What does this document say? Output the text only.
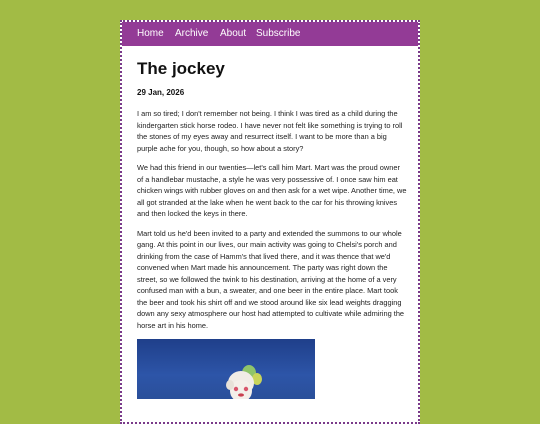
Home Archive About Subscribe
The jockey
29 Jan, 2026

I am so tired; I don't remember not being. I think I was tired as a child during the kindergarten stick horse rodeo. I have never not felt like something is trying to roll the stones of my eyes away and resurrect itself. I want to be more than a big purple ache for you, though, so how about a story?

We had this friend in our twenties—let's call him Mart. Mart was the proud owner of a handlebar mustache, a style he was very possessive of. I once saw him eat chicken wings with rubber gloves on and then ask for a wet wipe. Another time, we all got stranded at the lake when he went back to the car for his throwing knives and then locked the keys in there.

Mart told us he'd been invited to a party and extended the summons to our whole gang. At this point in our lives, our main activity was going to Chelsi's porch and drinking from the case of Hamm's that lived there, and it was thence that we'd convened when Mart made his announcement. The party was right down the street, so we followed the twink to his destination, arriving at the home of a very confused man with a bun, a sweater, and one beer in the entire place. Mart took the beer and took his shirt off and we stood around like six lead weights dragging down any sexy atmosphere our host had attempted to cultivate while admiring the horse art in his home.
